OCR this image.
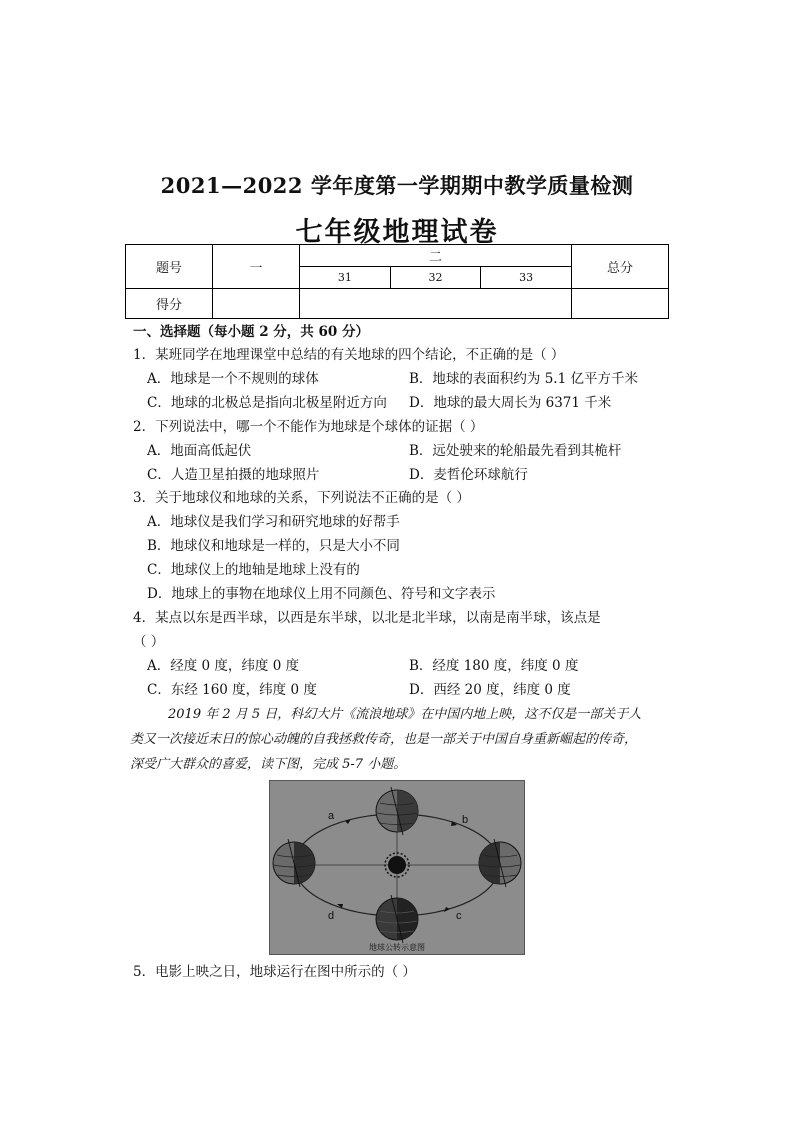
2021—2022 学年度第一学期期中教学质量检测
七年级地理试卷
题号	一	二			总分
		31	32	33	
得分					
一、选择题（每小题 2 分，共 60 分）
1．某班同学在地理课堂中总结的有关地球的四个结论，不正确的是（ ）
A．地球是一个不规则的球体	B．地球的表面积约为 5.1 亿平方千米
C．地球的北极总是指向北极星附近方向 D．地球的最大周长为 6371 千米
2．下列说法中，哪一个不能作为地球是个球体的证据（ ）
A．地面高低起伏	B．远处驶来的轮船最先看到其桅杆
C．人造卫星拍摄的地球照片	D．麦哲伦环球航行
3．关于地球仪和地球的关系，下列说法不正确的是（ ）
A．地球仪是我们学习和研究地球的好帮手
B．地球仪和地球是一样的，只是大小不同
C．地球仪上的地轴是地球上没有的
D．地球上的事物在地球仪上用不同颜色、符号和文字表示
4．某点以东是西半球，以西是东半球，以北是北半球，以南是南半球，该点是
（ ）
A．经度 0 度，纬度 0 度	B．经度 180 度，纬度 0 度
C．东经 160 度，纬度 0 度	D．西经 20 度，纬度 0 度
2019 年 2 月 5 日，科幻大片《流浪地球》在中国内地上映，这不仅是一部关于人
类又一次接近末日的惊心动魄的自我拯救传奇，也是一部关于中国自身重新崛起的传奇，
深受广大群众的喜爱，读下图，完成 5-7 小题。
a	b
c
d
地球公转示意图
5．电影上映之日，地球运行在图中所示的（ ）
